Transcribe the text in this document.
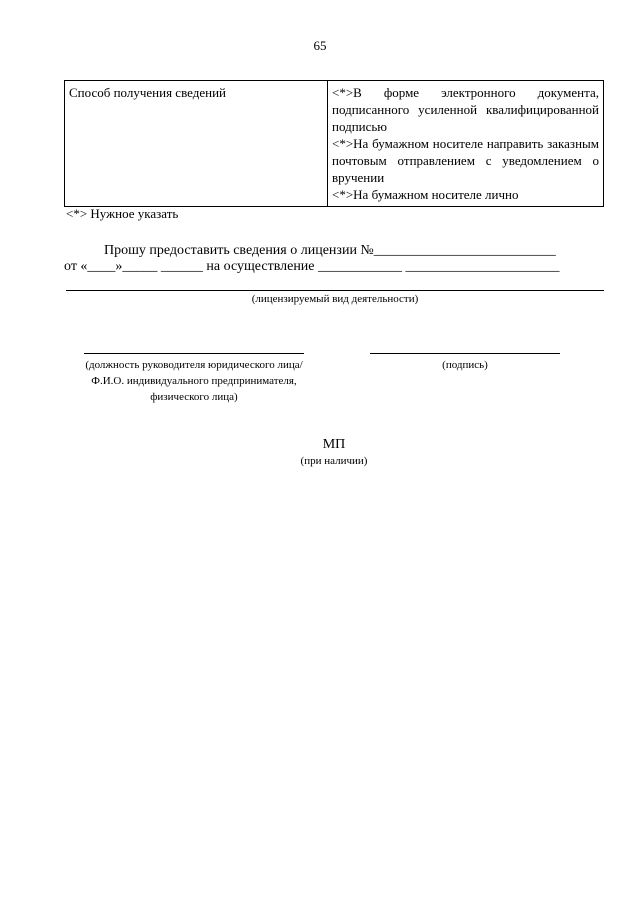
65
Способ получения сведений	<*>В форме электронного документа, подписанного усиленной квалифицированной подписью
<*>На бумажном носителе направить заказным почтовым отправлением с уведомлением о вручении
<*>На бумажном носителе лично
<*> Нужное указать
Прошу предоставить сведения о лицензии №__________________________
от «____»_____ ______ на осуществление ____________ ______________________
(лицензируемый вид деятельности)
(должность руководителя юридического лица/Ф.И.О. индивидуального предпринимателя, физического лица)
(подпись)
МП
(при наличии)
